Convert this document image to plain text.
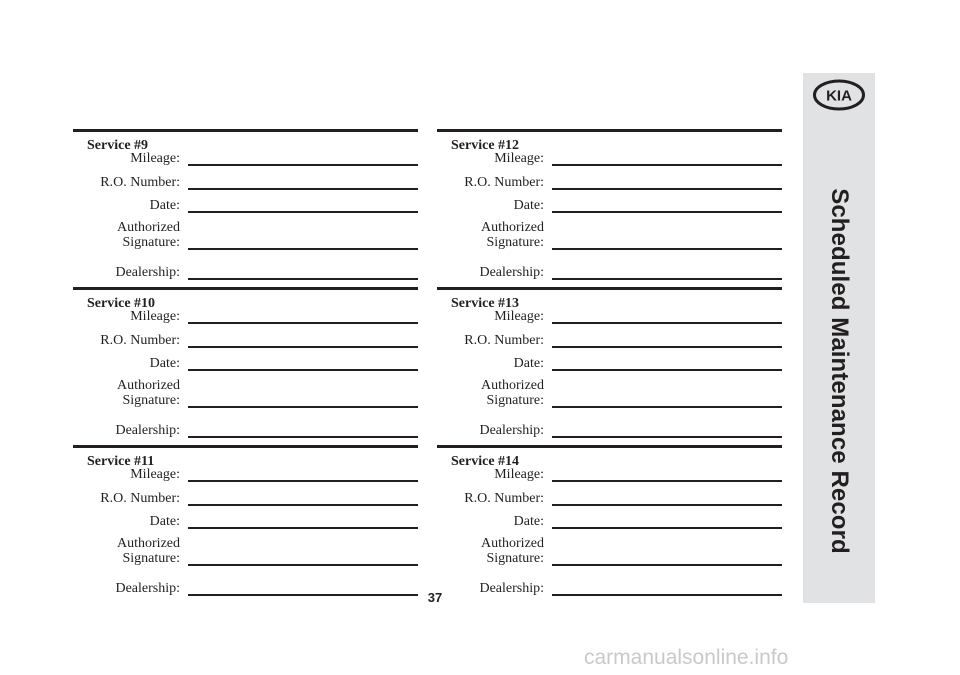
Service #9
Mileage:
R.O. Number:
Date:
Authorized
Signature:
Dealership:
Service #10
Mileage:
R.O. Number:
Date:
Authorized
Signature:
Dealership:
Service #11
Mileage:
R.O. Number:
Date:
Authorized
Signature:
Dealership:
Service #12
Mileage:
R.O. Number:
Date:
Authorized
Signature:
Dealership:
Service #13
Mileage:
R.O. Number:
Date:
Authorized
Signature:
Dealership:
Service #14
Mileage:
R.O. Number:
Date:
Authorized
Signature:
Dealership:
KIA
Scheduled Maintenance Record
37
carmanualsonline.info
